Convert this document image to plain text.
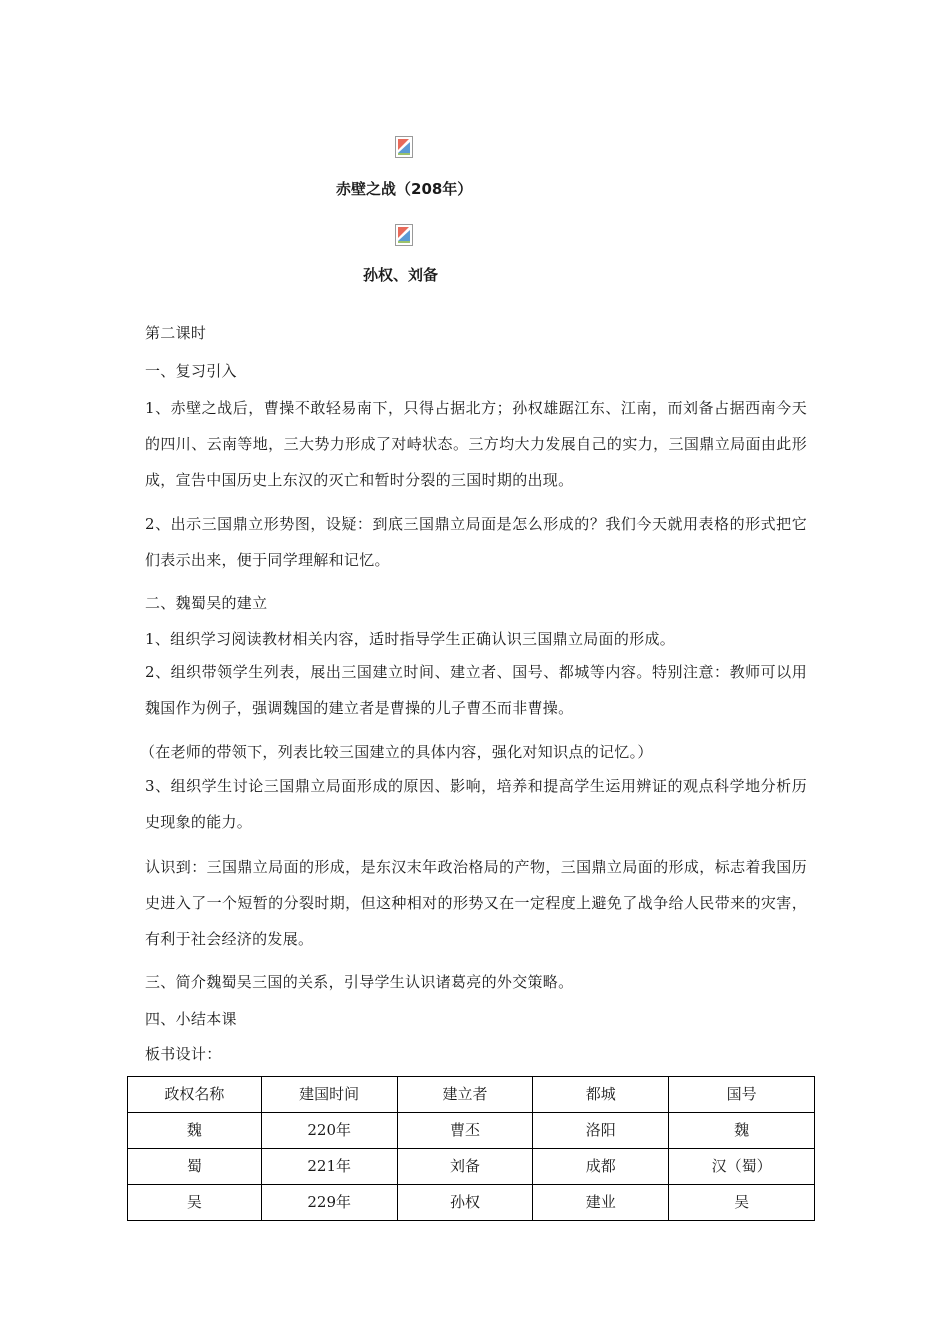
赤壁之战（208年）
孙权、刘备
第二课时
一、复习引入
1、赤壁之战后，曹操不敢轻易南下，只得占据北方；孙权雄踞江东、江南，而刘备占据西南今天的四川、云南等地，三大势力形成了对峙状态。三方均大力发展自己的实力，三国鼎立局面由此形成，宣告中国历史上东汉的灭亡和暂时分裂的三国时期的出现。
2、出示三国鼎立形势图，设疑：到底三国鼎立局面是怎么形成的？我们今天就用表格的形式把它们表示出来，便于同学理解和记忆。
二、魏蜀吴的建立
1、组织学习阅读教材相关内容，适时指导学生正确认识三国鼎立局面的形成。
2、组织带领学生列表，展出三国建立时间、建立者、国号、都城等内容。特别注意：教师可以用魏国作为例子，强调魏国的建立者是曹操的儿子曹丕而非曹操。
（在老师的带领下，列表比较三国建立的具体内容，强化对知识点的记忆。）
3、组织学生讨论三国鼎立局面形成的原因、影响，培养和提高学生运用辨证的观点科学地分析历史现象的能力。
认识到：三国鼎立局面的形成，是东汉末年政治格局的产物，三国鼎立局面的形成，标志着我国历史进入了一个短暂的分裂时期，但这种相对的形势又在一定程度上避免了战争给人民带来的灾害，有利于社会经济的发展。
三、简介魏蜀吴三国的关系，引导学生认识诸葛亮的外交策略。
四、小结本课
板书设计：
政权名称	建国时间	建立者	都城	国号
魏	220年	曹丕	洛阳	魏
蜀	221年	刘备	成都	汉（蜀）
吴	229年	孙权	建业	吴
